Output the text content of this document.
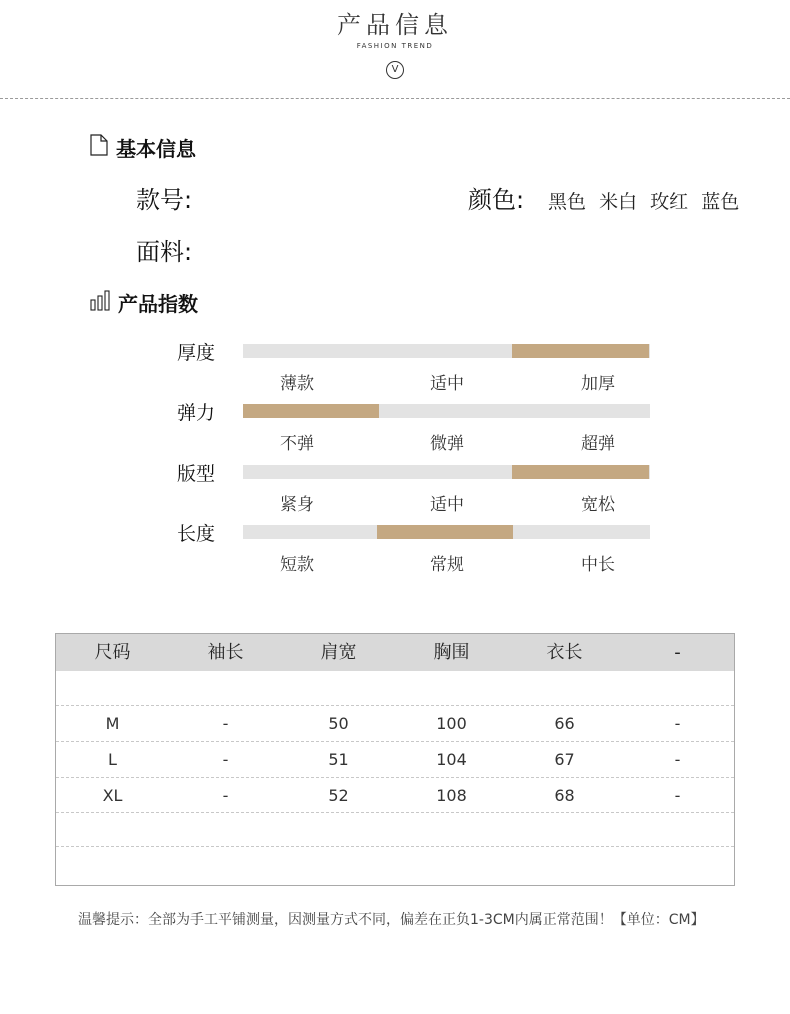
产品信息
FASHION TREND
V
基本信息
款号:	颜色: 黑色 米白 玫红 蓝色
面料:
产品指数
厚度
薄款	适中	加厚
弹力
不弹	微弹	超弹
版型
紧身	适中	宽松
长度
短款	常规	中长
尺码	袖长	肩宽	胸围	衣长	-
M	-	50	100	66	-
L	-	51	104	67	-
XL	-	52	108	68	-
温馨提示：全部为手工平铺测量，因测量方式不同，偏差在正负1-3CM内属正常范围！【单位：CM】
